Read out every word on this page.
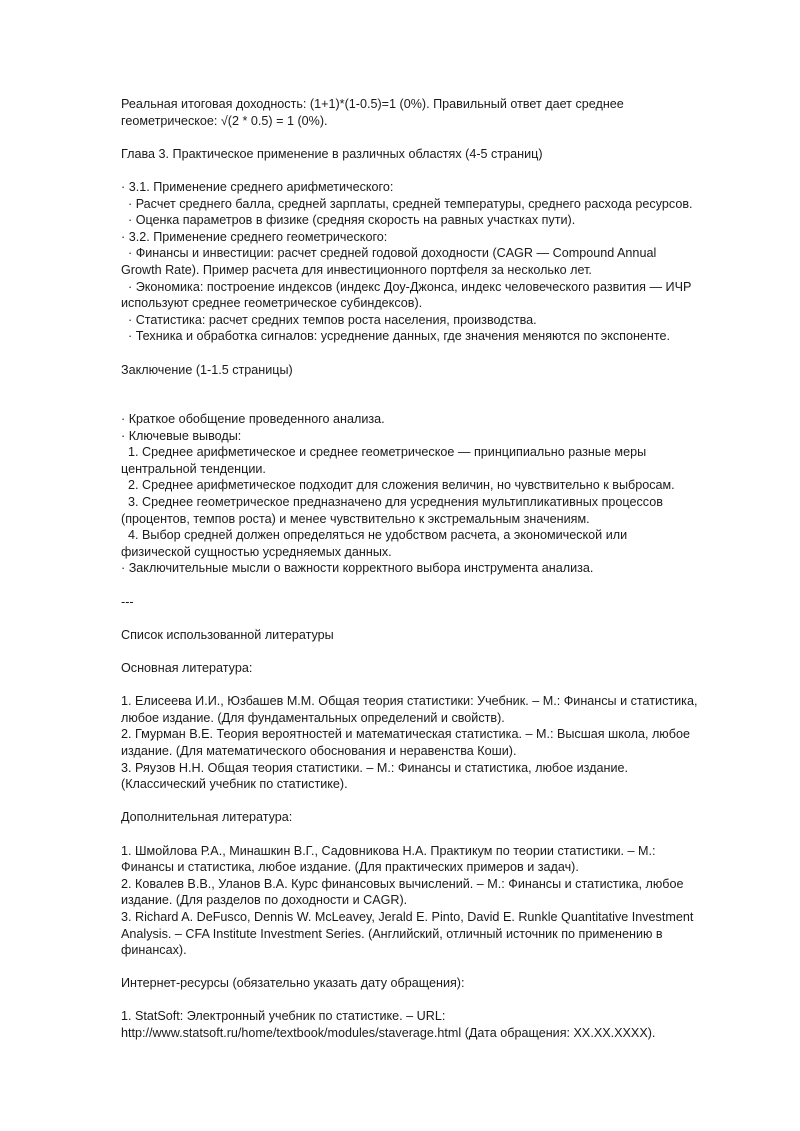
Реальная итоговая доходность: (1+1)*(1-0.5)=1 (0%). Правильный ответ дает среднее

геометрическое: √(2 * 0.5) = 1 (0%).

Глава 3. Практическое применение в различных областях (4-5 страниц)

· 3.1. Применение среднего арифметического:

· Расчет среднего балла, средней зарплаты, средней температуры, среднего расхода ресурсов.

· Оценка параметров в физике (средняя скорость на равных участках пути).

· 3.2. Применение среднего геометрического:

· Финансы и инвестиции: расчет средней годовой доходности (CAGR — Compound Annual

Growth Rate). Пример расчета для инвестиционного портфеля за несколько лет.

· Экономика: построение индексов (индекс Доу-Джонса, индекс человеческого развития — ИЧР

используют среднее геометрическое субиндексов).

· Статистика: расчет средних темпов роста населения, производства.

· Техника и обработка сигналов: усреднение данных, где значения меняются по экспоненте.

Заключение (1-1.5 страницы)

· Краткое обобщение проведенного анализа.

· Ключевые выводы:

1. Среднее арифметическое и среднее геометрическое — принципиально разные меры

центральной тенденции.

2. Среднее арифметическое подходит для сложения величин, но чувствительно к выбросам.

3. Среднее геометрическое предназначено для усреднения мультипликативных процессов

(процентов, темпов роста) и менее чувствительно к экстремальным значениям.

4. Выбор средней должен определяться не удобством расчета, а экономической или

физической сущностью усредняемых данных.

· Заключительные мысли о важности корректного выбора инструмента анализа.

---

Список использованной литературы

Основная литература:

1. Елисеева И.И., Юзбашев М.М. Общая теория статистики: Учебник. – М.: Финансы и статистика,

любое издание. (Для фундаментальных определений и свойств).

2. Гмурман В.Е. Теория вероятностей и математическая статистика. – М.: Высшая школа, любое

издание. (Для математического обоснования и неравенства Коши).

3. Ряузов Н.Н. Общая теория статистики. – М.: Финансы и статистика, любое издание.

(Классический учебник по статистике).

Дополнительная литература:

1. Шмойлова Р.А., Минашкин В.Г., Садовникова Н.А. Практикум по теории статистики. – М.:

Финансы и статистика, любое издание. (Для практических примеров и задач).

2. Ковалев В.В., Уланов В.А. Курс финансовых вычислений. – М.: Финансы и статистика, любое

издание. (Для разделов по доходности и CAGR).

3. Richard A. DeFusco, Dennis W. McLeavey, Jerald E. Pinto, David E. Runkle Quantitative Investment

Analysis. – CFA Institute Investment Series. (Английский, отличный источник по применению в

финансах).

Интернет-ресурсы (обязательно указать дату обращения):

1. StatSoft: Электронный учебник по статистике. – URL:

http://www.statsoft.ru/home/textbook/modules/staverage.html (Дата обращения: XX.XX.XXXX).
